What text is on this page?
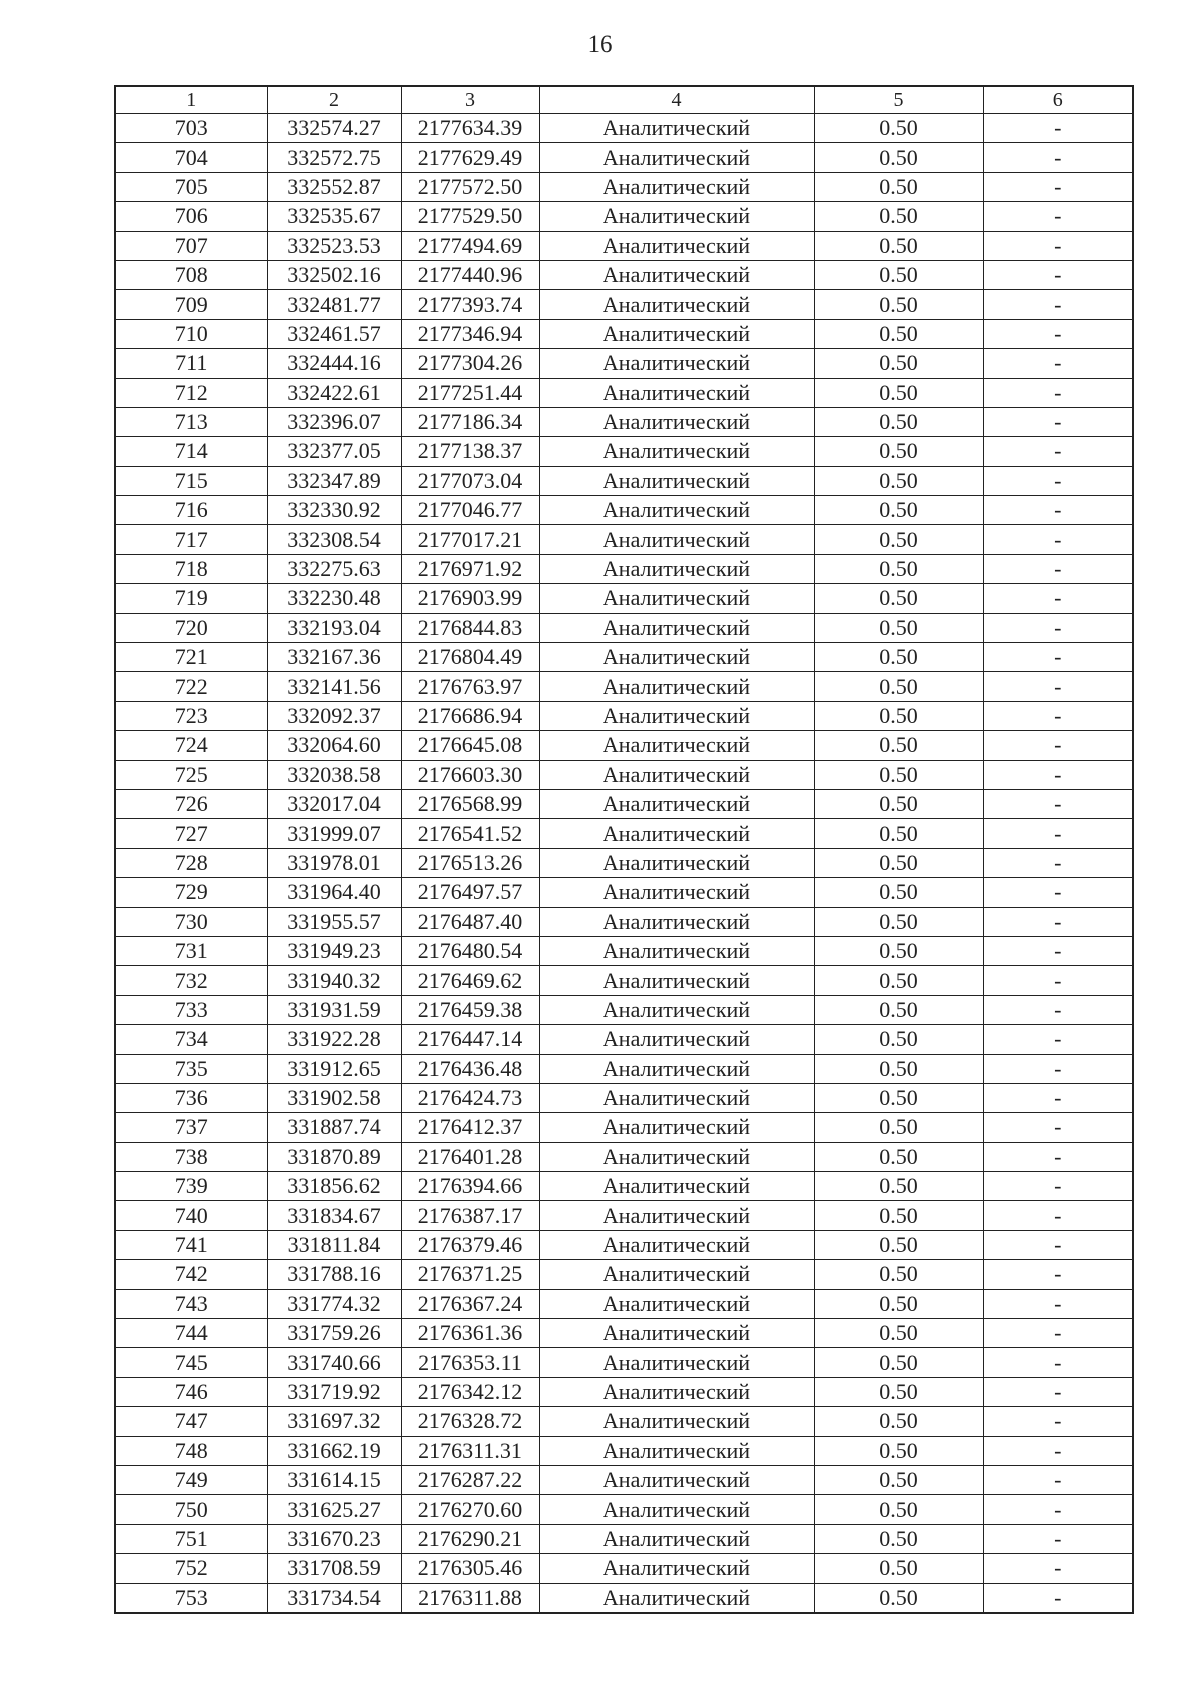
16
1	2	3	4	5	6
703	332574.27	2177634.39	Аналитический	0.50	-
704	332572.75	2177629.49	Аналитический	0.50	-
705	332552.87	2177572.50	Аналитический	0.50	-
706	332535.67	2177529.50	Аналитический	0.50	-
707	332523.53	2177494.69	Аналитический	0.50	-
708	332502.16	2177440.96	Аналитический	0.50	-
709	332481.77	2177393.74	Аналитический	0.50	-
710	332461.57	2177346.94	Аналитический	0.50	-
711	332444.16	2177304.26	Аналитический	0.50	-
712	332422.61	2177251.44	Аналитический	0.50	-
713	332396.07	2177186.34	Аналитический	0.50	-
714	332377.05	2177138.37	Аналитический	0.50	-
715	332347.89	2177073.04	Аналитический	0.50	-
716	332330.92	2177046.77	Аналитический	0.50	-
717	332308.54	2177017.21	Аналитический	0.50	-
718	332275.63	2176971.92	Аналитический	0.50	-
719	332230.48	2176903.99	Аналитический	0.50	-
720	332193.04	2176844.83	Аналитический	0.50	-
721	332167.36	2176804.49	Аналитический	0.50	-
722	332141.56	2176763.97	Аналитический	0.50	-
723	332092.37	2176686.94	Аналитический	0.50	-
724	332064.60	2176645.08	Аналитический	0.50	-
725	332038.58	2176603.30	Аналитический	0.50	-
726	332017.04	2176568.99	Аналитический	0.50	-
727	331999.07	2176541.52	Аналитический	0.50	-
728	331978.01	2176513.26	Аналитический	0.50	-
729	331964.40	2176497.57	Аналитический	0.50	-
730	331955.57	2176487.40	Аналитический	0.50	-
731	331949.23	2176480.54	Аналитический	0.50	-
732	331940.32	2176469.62	Аналитический	0.50	-
733	331931.59	2176459.38	Аналитический	0.50	-
734	331922.28	2176447.14	Аналитический	0.50	-
735	331912.65	2176436.48	Аналитический	0.50	-
736	331902.58	2176424.73	Аналитический	0.50	-
737	331887.74	2176412.37	Аналитический	0.50	-
738	331870.89	2176401.28	Аналитический	0.50	-
739	331856.62	2176394.66	Аналитический	0.50	-
740	331834.67	2176387.17	Аналитический	0.50	-
741	331811.84	2176379.46	Аналитический	0.50	-
742	331788.16	2176371.25	Аналитический	0.50	-
743	331774.32	2176367.24	Аналитический	0.50	-
744	331759.26	2176361.36	Аналитический	0.50	-
745	331740.66	2176353.11	Аналитический	0.50	-
746	331719.92	2176342.12	Аналитический	0.50	-
747	331697.32	2176328.72	Аналитический	0.50	-
748	331662.19	2176311.31	Аналитический	0.50	-
749	331614.15	2176287.22	Аналитический	0.50	-
750	331625.27	2176270.60	Аналитический	0.50	-
751	331670.23	2176290.21	Аналитический	0.50	-
752	331708.59	2176305.46	Аналитический	0.50	-
753	331734.54	2176311.88	Аналитический	0.50	-
